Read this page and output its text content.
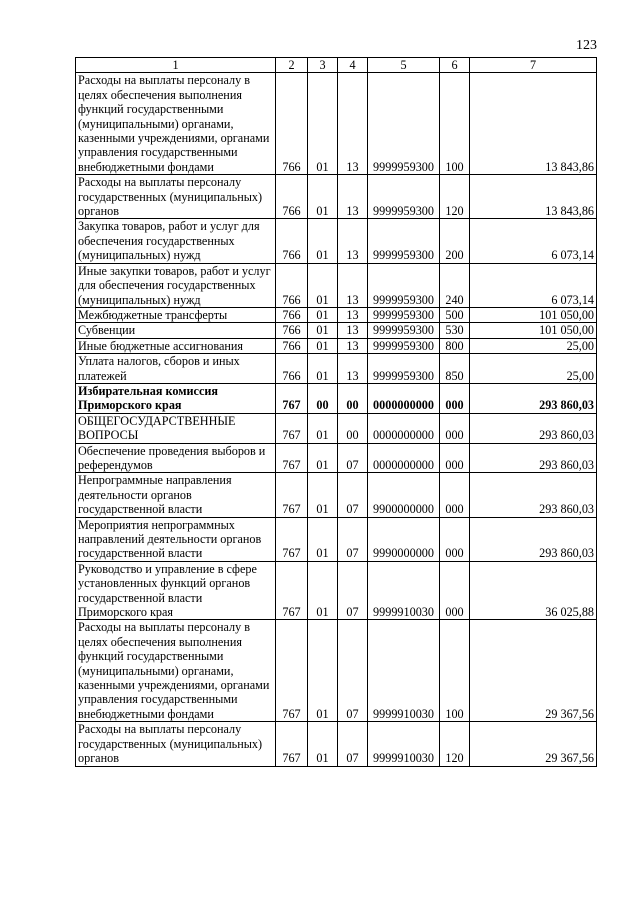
123
1	2	3	4	5	6	7
Расходы на выплаты персоналу в целях обеспечения выполнения функций государственными (муниципальными) органами, казенными учреждениями, органами управления государственными внебюджетными фондами	766	01	13	9999959300	100	13 843,86
Расходы на выплаты персоналу государственных (муниципальных) органов	766	01	13	9999959300	120	13 843,86
Закупка товаров, работ и услуг для обеспечения государственных (муниципальных) нужд	766	01	13	9999959300	200	6 073,14
Иные закупки товаров, работ и услуг для обеспечения государственных (муниципальных) нужд	766	01	13	9999959300	240	6 073,14
Межбюджетные трансферты	766	01	13	9999959300	500	101 050,00
Субвенции	766	01	13	9999959300	530	101 050,00
Иные бюджетные ассигнования	766	01	13	9999959300	800	25,00
Уплата налогов, сборов и иных платежей	766	01	13	9999959300	850	25,00
Избирательная комиссия Приморского края	767	00	00	0000000000	000	293 860,03
ОБЩЕГОСУДАРСТВЕННЫЕ ВОПРОСЫ	767	01	00	0000000000	000	293 860,03
Обеспечение проведения выборов и референдумов	767	01	07	0000000000	000	293 860,03
Непрограммные направления деятельности органов государственной власти	767	01	07	9900000000	000	293 860,03
Мероприятия непрограммных направлений деятельности органов государственной власти	767	01	07	9990000000	000	293 860,03
Руководство и управление в сфере установленных функций органов государственной власти Приморского края	767	01	07	9999910030	000	36 025,88
Расходы на выплаты персоналу в целях обеспечения выполнения функций государственными (муниципальными) органами, казенными учреждениями, органами управления государственными внебюджетными фондами	767	01	07	9999910030	100	29 367,56
Расходы на выплаты персоналу государственных (муниципальных) органов	767	01	07	9999910030	120	29 367,56
